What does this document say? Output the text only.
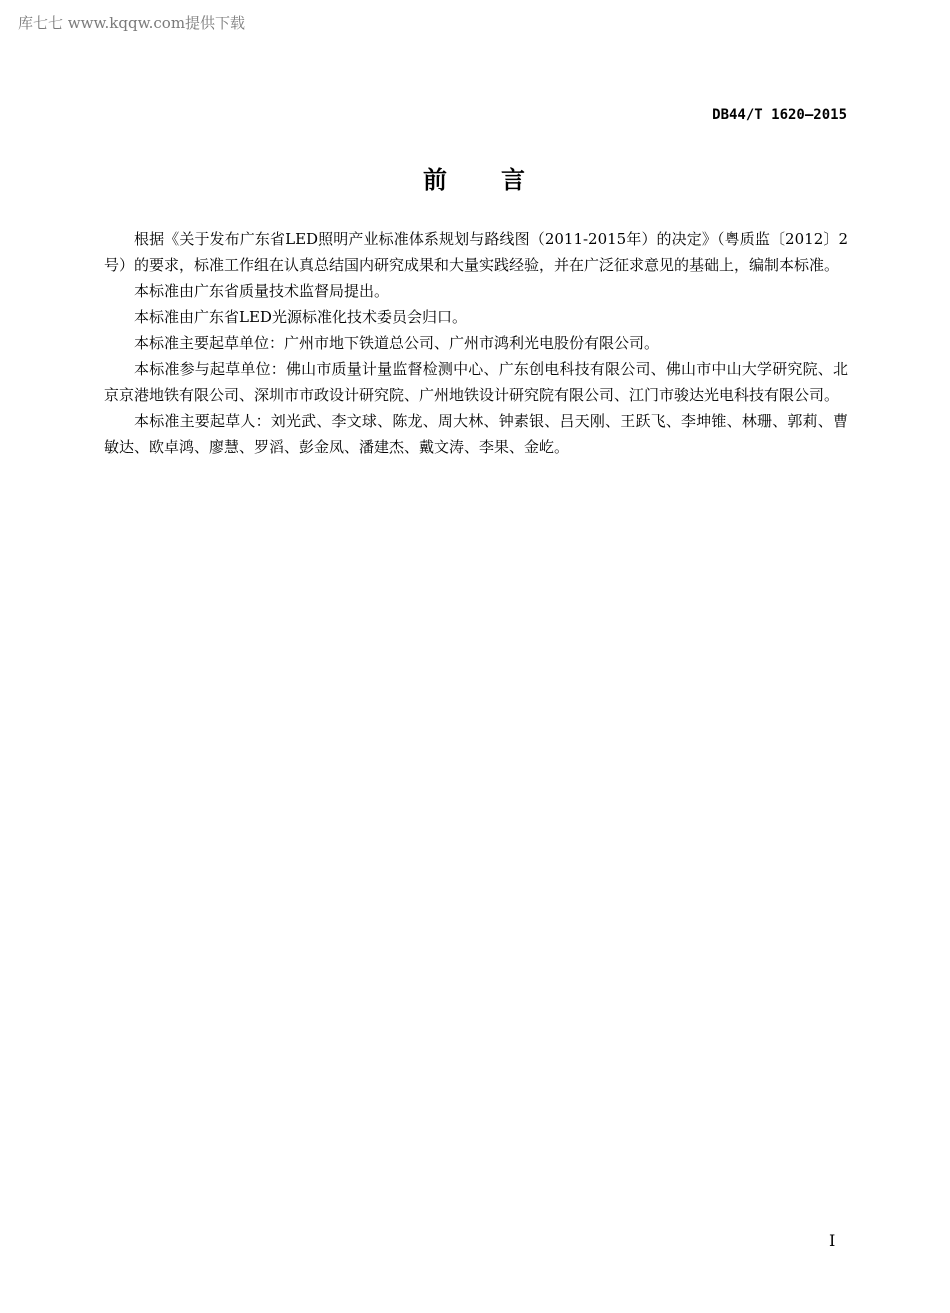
库七七 www.kqqw.com提供下载
DB44/T 1620—2015
前　　言

根据《关于发布广东省LED照明产业标准体系规划与路线图（2011-2015年）的决定》（粤质监〔2012〕2号）的要求，标准工作组在认真总结国内研究成果和大量实践经验，并在广泛征求意见的基础上，编制本标准。

本标准由广东省质量技术监督局提出。

本标准由广东省LED光源标准化技术委员会归口。

本标准主要起草单位：广州市地下铁道总公司、广州市鸿利光电股份有限公司。

本标准参与起草单位：佛山市质量计量监督检测中心、广东创电科技有限公司、佛山市中山大学研究院、北京京港地铁有限公司、深圳市市政设计研究院、广州地铁设计研究院有限公司、江门市骏达光电科技有限公司。

本标准主要起草人：刘光武、李文球、陈龙、周大林、钟素银、吕天刚、王跃飞、李坤锥、林珊、郭莉、曹敏达、欧卓鸿、廖慧、罗滔、彭金凤、潘建杰、戴文涛、李果、金屹。

I
